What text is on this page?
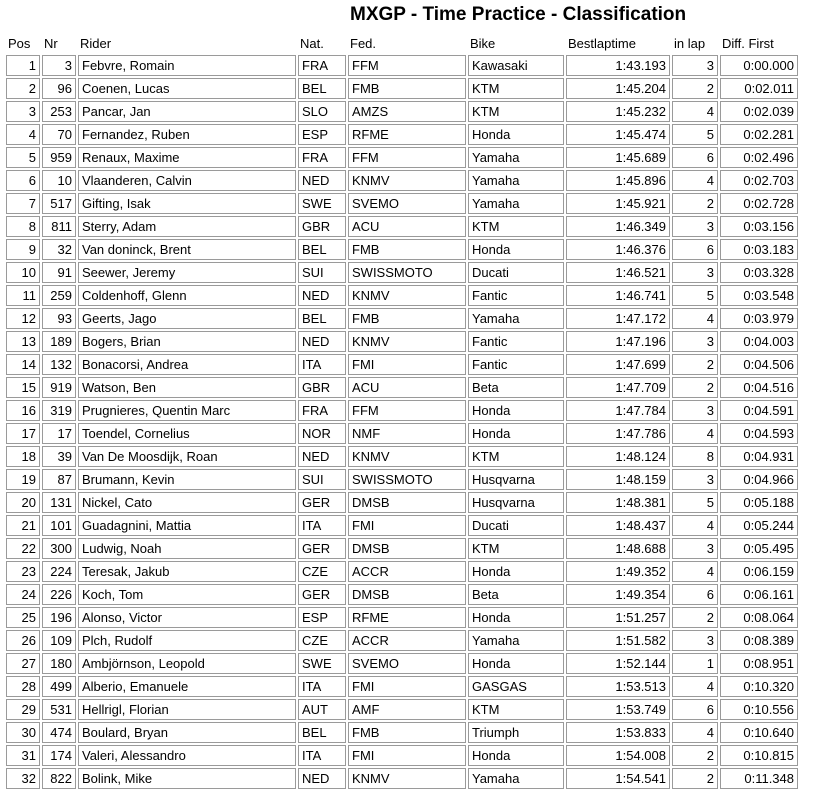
MXGP - Time Practice - Classification
Pos	Nr	Rider	Nat.	Fed.	Bike	Bestlaptime	in lap	Diff. First
1	3	Febvre, Romain	FRA	FFM	Kawasaki	1:43.193	3	0:00.000
2	96	Coenen, Lucas	BEL	FMB	KTM	1:45.204	2	0:02.011
3	253	Pancar, Jan	SLO	AMZS	KTM	1:45.232	4	0:02.039
4	70	Fernandez, Ruben	ESP	RFME	Honda	1:45.474	5	0:02.281
5	959	Renaux, Maxime	FRA	FFM	Yamaha	1:45.689	6	0:02.496
6	10	Vlaanderen, Calvin	NED	KNMV	Yamaha	1:45.896	4	0:02.703
7	517	Gifting, Isak	SWE	SVEMO	Yamaha	1:45.921	2	0:02.728
8	811	Sterry, Adam	GBR	ACU	KTM	1:46.349	3	0:03.156
9	32	Van doninck, Brent	BEL	FMB	Honda	1:46.376	6	0:03.183
10	91	Seewer, Jeremy	SUI	SWISSMOTO	Ducati	1:46.521	3	0:03.328
11	259	Coldenhoff, Glenn	NED	KNMV	Fantic	1:46.741	5	0:03.548
12	93	Geerts, Jago	BEL	FMB	Yamaha	1:47.172	4	0:03.979
13	189	Bogers, Brian	NED	KNMV	Fantic	1:47.196	3	0:04.003
14	132	Bonacorsi, Andrea	ITA	FMI	Fantic	1:47.699	2	0:04.506
15	919	Watson, Ben	GBR	ACU	Beta	1:47.709	2	0:04.516
16	319	Prugnieres, Quentin Marc	FRA	FFM	Honda	1:47.784	3	0:04.591
17	17	Toendel, Cornelius	NOR	NMF	Honda	1:47.786	4	0:04.593
18	39	Van De Moosdijk, Roan	NED	KNMV	KTM	1:48.124	8	0:04.931
19	87	Brumann, Kevin	SUI	SWISSMOTO	Husqvarna	1:48.159	3	0:04.966
20	131	Nickel, Cato	GER	DMSB	Husqvarna	1:48.381	5	0:05.188
21	101	Guadagnini, Mattia	ITA	FMI	Ducati	1:48.437	4	0:05.244
22	300	Ludwig, Noah	GER	DMSB	KTM	1:48.688	3	0:05.495
23	224	Teresak, Jakub	CZE	ACCR	Honda	1:49.352	4	0:06.159
24	226	Koch, Tom	GER	DMSB	Beta	1:49.354	6	0:06.161
25	196	Alonso, Victor	ESP	RFME	Honda	1:51.257	2	0:08.064
26	109	Plch, Rudolf	CZE	ACCR	Yamaha	1:51.582	3	0:08.389
27	180	Ambjörnson, Leopold	SWE	SVEMO	Honda	1:52.144	1	0:08.951
28	499	Alberio, Emanuele	ITA	FMI	GASGAS	1:53.513	4	0:10.320
29	531	Hellrigl, Florian	AUT	AMF	KTM	1:53.749	6	0:10.556
30	474	Boulard, Bryan	BEL	FMB	Triumph	1:53.833	4	0:10.640
31	174	Valeri, Alessandro	ITA	FMI	Honda	1:54.008	2	0:10.815
32	822	Bolink, Mike	NED	KNMV	Yamaha	1:54.541	2	0:11.348
